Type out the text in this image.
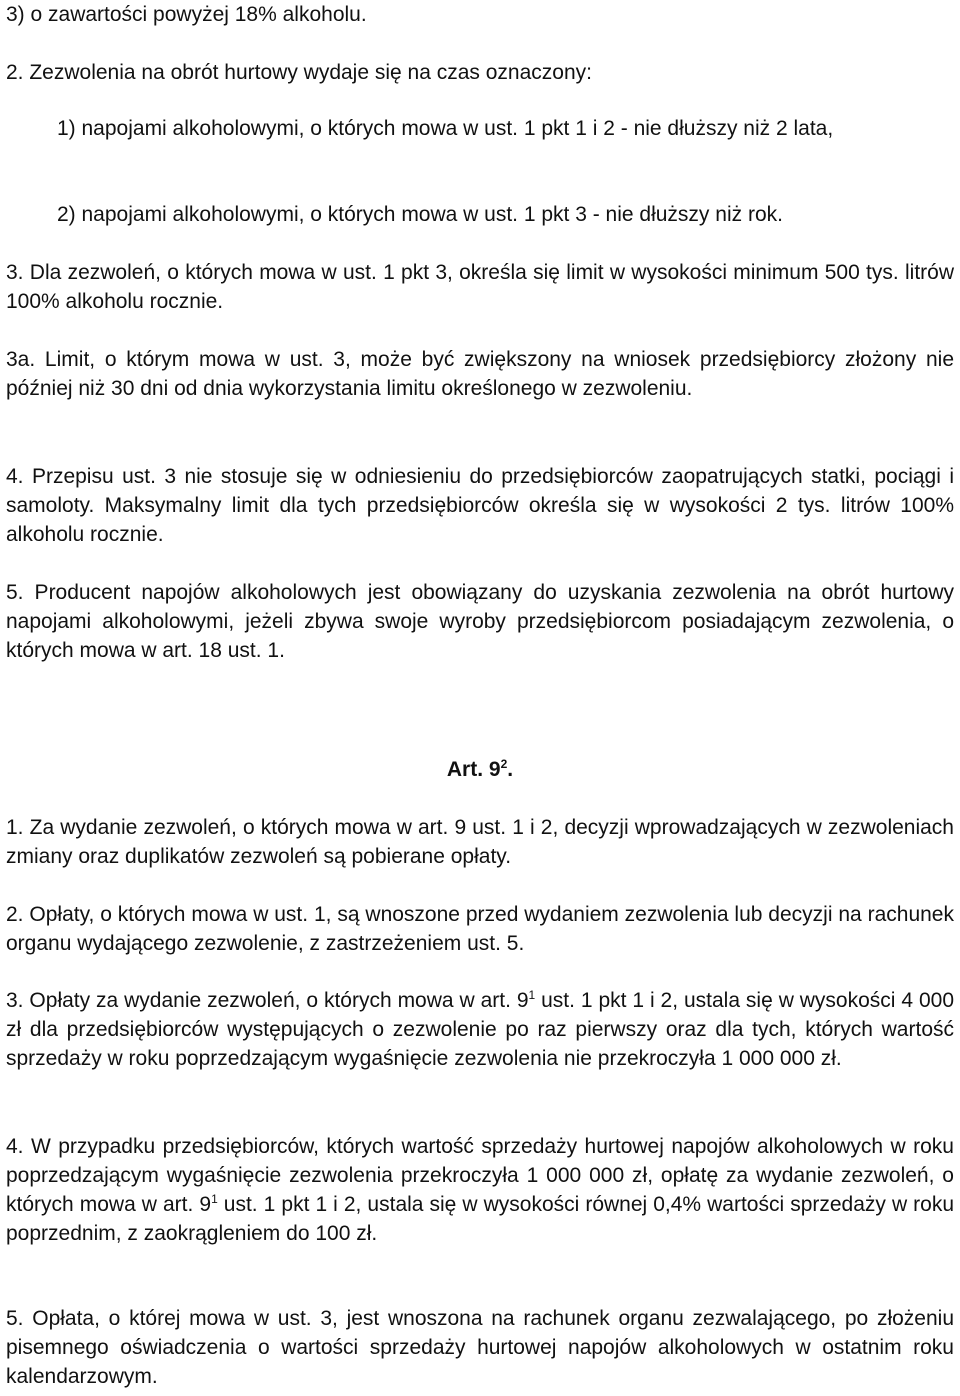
3) o zawartości powyżej 18% alkoholu.

2. Zezwolenia na obrót hurtowy wydaje się na czas oznaczony:

1) napojami alkoholowymi, o których mowa w ust. 1 pkt 1 i 2 - nie dłuższy niż 2 lata,

2) napojami alkoholowymi, o których mowa w ust. 1 pkt 3 - nie dłuższy niż rok.

3. Dla zezwoleń, o których mowa w ust. 1 pkt 3, określa się limit w wysokości minimum 500 tys. litrów 100% alkoholu rocznie.

3a. Limit, o którym mowa w ust. 3, może być zwiększony na wniosek przedsiębiorcy złożony nie później niż 30 dni od dnia wykorzystania limitu określonego w zezwoleniu.

4. Przepisu ust. 3 nie stosuje się w odniesieniu do przedsiębiorców zaopatrujących statki, pociągi i samoloty. Maksymalny limit dla tych przedsiębiorców określa się w wysokości 2 tys. litrów 100% alkoholu rocznie.

5. Producent napojów alkoholowych jest obowiązany do uzyskania zezwolenia na obrót hurtowy napojami alkoholowymi, jeżeli zbywa swoje wyroby przedsiębiorcom posiadającym zezwolenia, o których mowa w art. 18 ust. 1.

Art. $9^2$.

1. Za wydanie zezwoleń, o których mowa w art. 9 ust. 1 i 2, decyzji wprowadzających w zezwoleniach zmiany oraz duplikatów zezwoleń są pobierane opłaty.

2. Opłaty, o których mowa w ust. 1, są wnoszone przed wydaniem zezwolenia lub decyzji na rachunek organu wydającego zezwolenie, z zastrzeżeniem ust. 5.

3. Opłaty za wydanie zezwoleń, o których mowa w art. $9^1$ ust. 1 pkt 1 i 2, ustala się w wysokości 4 000 zł dla przedsiębiorców występujących o zezwolenie po raz pierwszy oraz dla tych, których wartość sprzedaży w roku poprzedzającym wygaśnięcie zezwolenia nie przekroczyła 1 000 000 zł.

4. W przypadku przedsiębiorców, których wartość sprzedaży hurtowej napojów alkoholowych w roku poprzedzającym wygaśnięcie zezwolenia przekroczyła 1 000 000 zł, opłatę za wydanie zezwoleń, o których mowa w art. $9^1$ ust. 1 pkt 1 i 2, ustala się w wysokości równej 0,4% wartości sprzedaży w roku poprzednim, z zaokrągleniem do 100 zł.

5. Opłata, o której mowa w ust. 3, jest wnoszona na rachunek organu zezwalającego, po złożeniu pisemnego oświadczenia o wartości sprzedaży hurtowej napojów alkoholowych w ostatnim roku kalendarzowym.
